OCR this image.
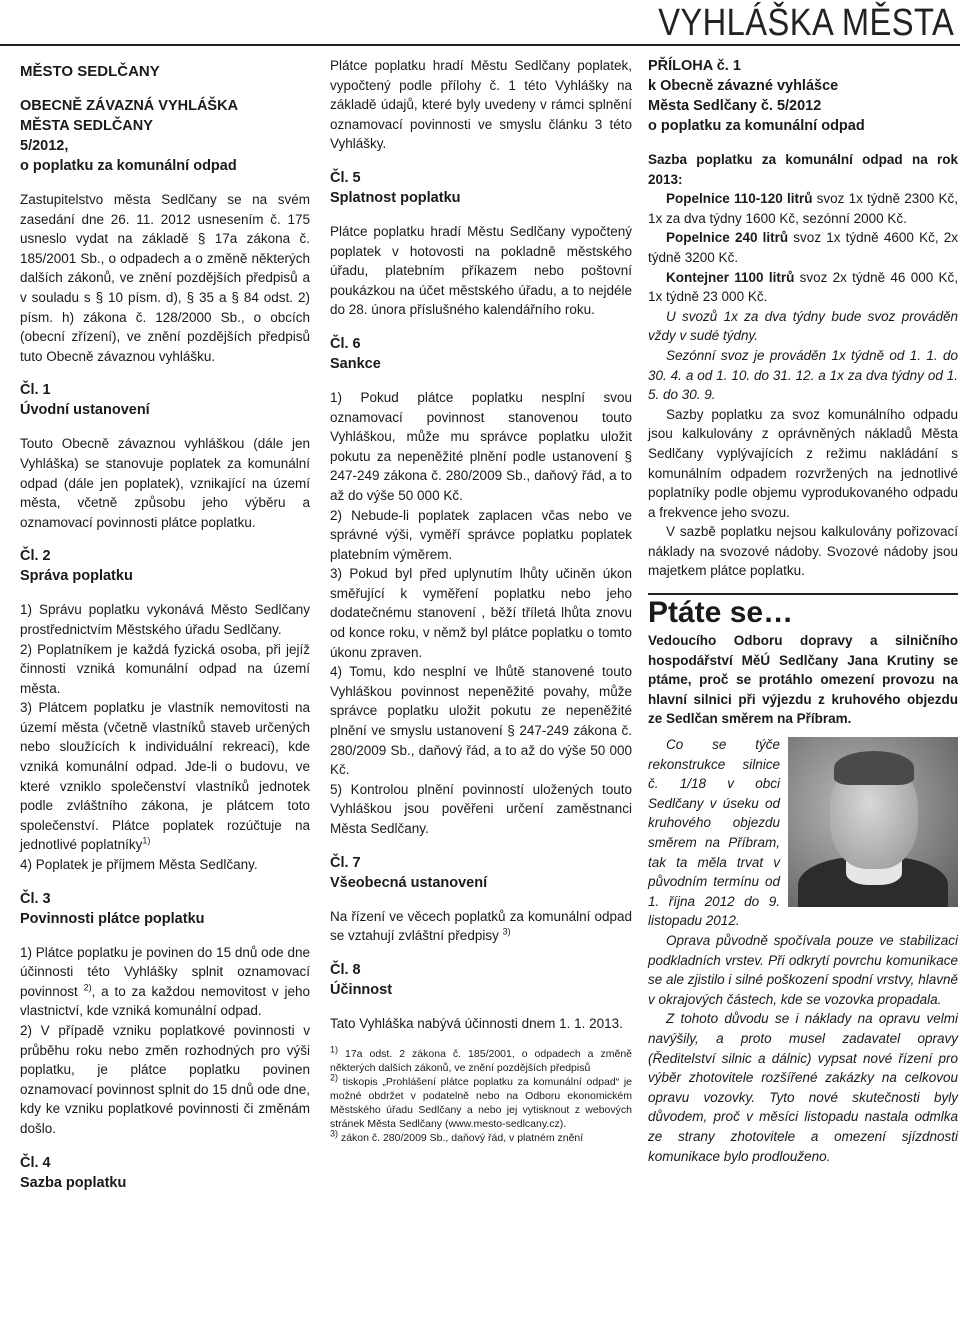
VYHLÁŠKA MĚSTA

MĚSTO SEDLČANY

OBECNĚ ZÁVAZNÁ VYHLÁŠKA

MĚSTA SEDLČANY

5/2012,

o poplatku za komunální odpad

Zastupitelstvo města Sedlčany se na svém zasedání dne 26. 11. 2012 usnesením č. 175 usneslo vydat na základě § 17a zákona č. 185/2001 Sb., o odpadech a o změně některých dalších zákonů, ve znění pozdějších předpisů a v souladu s § 10 písm. d), § 35 a § 84 odst. 2) písm. h) zákona č. 128/2000 Sb., o obcích (obecní zřízení), ve znění pozdějších předpisů tuto Obecně závaznou vyhlášku.

Čl. 1

Úvodní ustanovení

Touto Obecně závaznou vyhláškou (dále jen Vyhláška) se stanovuje poplatek za komunální odpad (dále jen poplatek), vznikající na území města, včetně způsobu jeho výběru a oznamovací povinnosti plátce poplatku.

Čl. 2

Správa poplatku

1) Správu poplatku vykonává Město Sedlčany prostřednictvím Městského úřadu Sedlčany.

2) Poplatníkem je každá fyzická osoba, při jejíž činnosti vzniká komunální odpad na území města.

3) Plátcem poplatku je vlastník nemovitosti na území města (včetně vlastníků staveb určených nebo sloužících k individuální rekreaci), kde vzniká komunální odpad. Jde-li o budovu, ve které vzniklo společenství vlastníků jednotek podle zvláštního zákona, je plátcem toto společenství. Plátce poplatek rozúčtuje na jednotlivé poplatníky$^{1)}$

4) Poplatek je příjmem Města Sedlčany.

Čl. 3

Povinnosti plátce poplatku

1) Plátce poplatku je povinen do 15 dnů ode dne účinnosti této Vyhlášky splnit oznamovací povinnost $^{2)}$, a to za každou nemovitost v jeho vlastnictví, kde vzniká komunální odpad.

2) V případě vzniku poplatkové povinnosti v průběhu roku nebo změn rozhodných pro výši poplatku, je plátce poplatku povinen oznamovací povinnost splnit do 15 dnů ode dne, kdy ke vzniku poplatkové povinnosti či změnám došlo.

Čl. 4

Sazba poplatku

Plátce poplatku hradí Městu Sedlčany poplatek, vypočtený podle přílohy č. 1 této Vyhlášky na základě údajů, které byly uvedeny v rámci splnění oznamovací povinnosti ve smyslu článku 3 této Vyhlášky.

Čl. 5

Splatnost poplatku

Plátce poplatku hradí Městu Sedlčany vypočtený poplatek v hotovosti na pokladně městského úřadu, platebním příkazem nebo poštovní poukázkou na účet městského úřadu, a to nejdéle do 28. února příslušného kalendářního roku.

Čl. 6

Sankce

1) Pokud plátce poplatku nesplní svou oznamovací povinnost stanovenou touto Vyhláškou, může mu správce poplatku uložit pokutu za nepeněžité plnění podle ustanovení § 247-249 zákona č. 280/2009 Sb., daňový řád, a to až do výše 50 000 Kč.

2) Nebude-li poplatek zaplacen včas nebo ve správné výši, vyměří správce poplatku poplatek platebním výměrem.

3) Pokud byl před uplynutím lhůty učiněn úkon směřující k vyměření poplatku nebo jeho dodatečnému stanovení , běží tříletá lhůta znovu od konce roku, v němž byl plátce poplatku o tomto úkonu zpraven.

4) Tomu, kdo nesplní ve lhůtě stanovené touto Vyhláškou povinnost nepeněžité povahy, může správce poplatku uložit pokutu ze nepeněžité plnění ve smyslu ustanovení § 247-249 zákona č. 280/2009 Sb., daňový řád, a to až do výše 50 000 Kč.

5) Kontrolou plnění povinností uložených touto Vyhláškou jsou pověřeni určení zaměstnanci Města Sedlčany.

Čl. 7

Všeobecná ustanovení

Na řízení ve věcech poplatků za komunální odpad se vztahují zvláštní předpisy $^{3)}$

Čl. 8

Účinnost

Tato Vyhláška nabývá účinnosti dnem 1. 1. 2013.

1) 17a odst. 2 zákona č. 185/2001, o odpadech a změně některých dalších zákonů, ve znění pozdějších předpisů

2) tiskopis „Prohlášení plátce poplatku za komunální odpad“ je možné obdržet v podatelně nebo na Odboru ekonomickém Městského úřadu Sedlčany a nebo jej vytisknout z webových stránek Města Sedlčany (www.mesto-sedlcany.cz).

3) zákon č. 280/2009 Sb., daňový řád, v platném znění

PŘÍLOHA č. 1

k Obecně závazné vyhlášce

Města Sedlčany č. 5/2012

o poplatku za komunální odpad

Sazba poplatku za komunální odpad na rok 2013:

Popelnice 110-120 litrů svoz 1x týdně 2300 Kč, 1x za dva týdny 1600 Kč, sezónní 2000 Kč.

Popelnice 240 litrů svoz 1x týdně 4600 Kč, 2x týdně 3200 Kč.

Kontejner 1100 litrů svoz 2x týdně 46 000 Kč, 1x týdně 23 000 Kč.

U svozů 1x za dva týdny bude svoz prováděn vždy v sudé týdny.

Sezónní svoz je prováděn 1x týdně od 1. 1. do 30. 4. a od 1. 10. do 31. 12. a 1x za dva týdny od 1. 5. do 30. 9.

Sazby poplatku za svoz komunálního odpadu jsou kalkulovány z oprávněných nákladů Města Sedlčany vyplývajících z režimu nakládání s komunálním odpadem rozvržených na jednotlivé poplatníky podle objemu vyprodukovaného odpadu a frekvence jeho svozu.

V sazbě poplatku nejsou kalkulovány pořizovací náklady na svozové nádoby. Svozové nádoby jsou majetkem plátce poplatku.

Ptáte se…

Vedoucího Odboru dopravy a silničního hospodářství MěÚ Sedlčany Jana Krutiny se ptáme, proč se protáhlo omezení provozu na hlavní silnici při výjezdu z kruhového objezdu ze Sedlčan směrem na Příbram.

Co se týče rekonstrukce silnice č. 1/18 v obci Sedlčany v úseku od kruhového objezdu směrem na Příbram, tak ta měla trvat v původním termínu od 1. října 2012 do 9. listopadu 2012.

Oprava původně spočívala pouze ve stabilizaci podkladních vrstev. Při odkrytí povrchu komunikace se ale zjistilo i silné poškození spodní vrstvy, hlavně v okrajových částech, kde se vozovka propadala.

Z tohoto důvodu se i náklady na opravu velmi navýšily, a proto musel zadavatel opravy (Ředitelství silnic a dálnic) vypsat nové řízení pro výběr zhotovitele rozšířené zakázky na celkovou opravu vozovky. Tyto nové skutečnosti byly důvodem, proč v měsíci listopadu nastala odmlka ze strany zhotovitele a omezení sjízdnosti komunikace bylo prodlouženo.
